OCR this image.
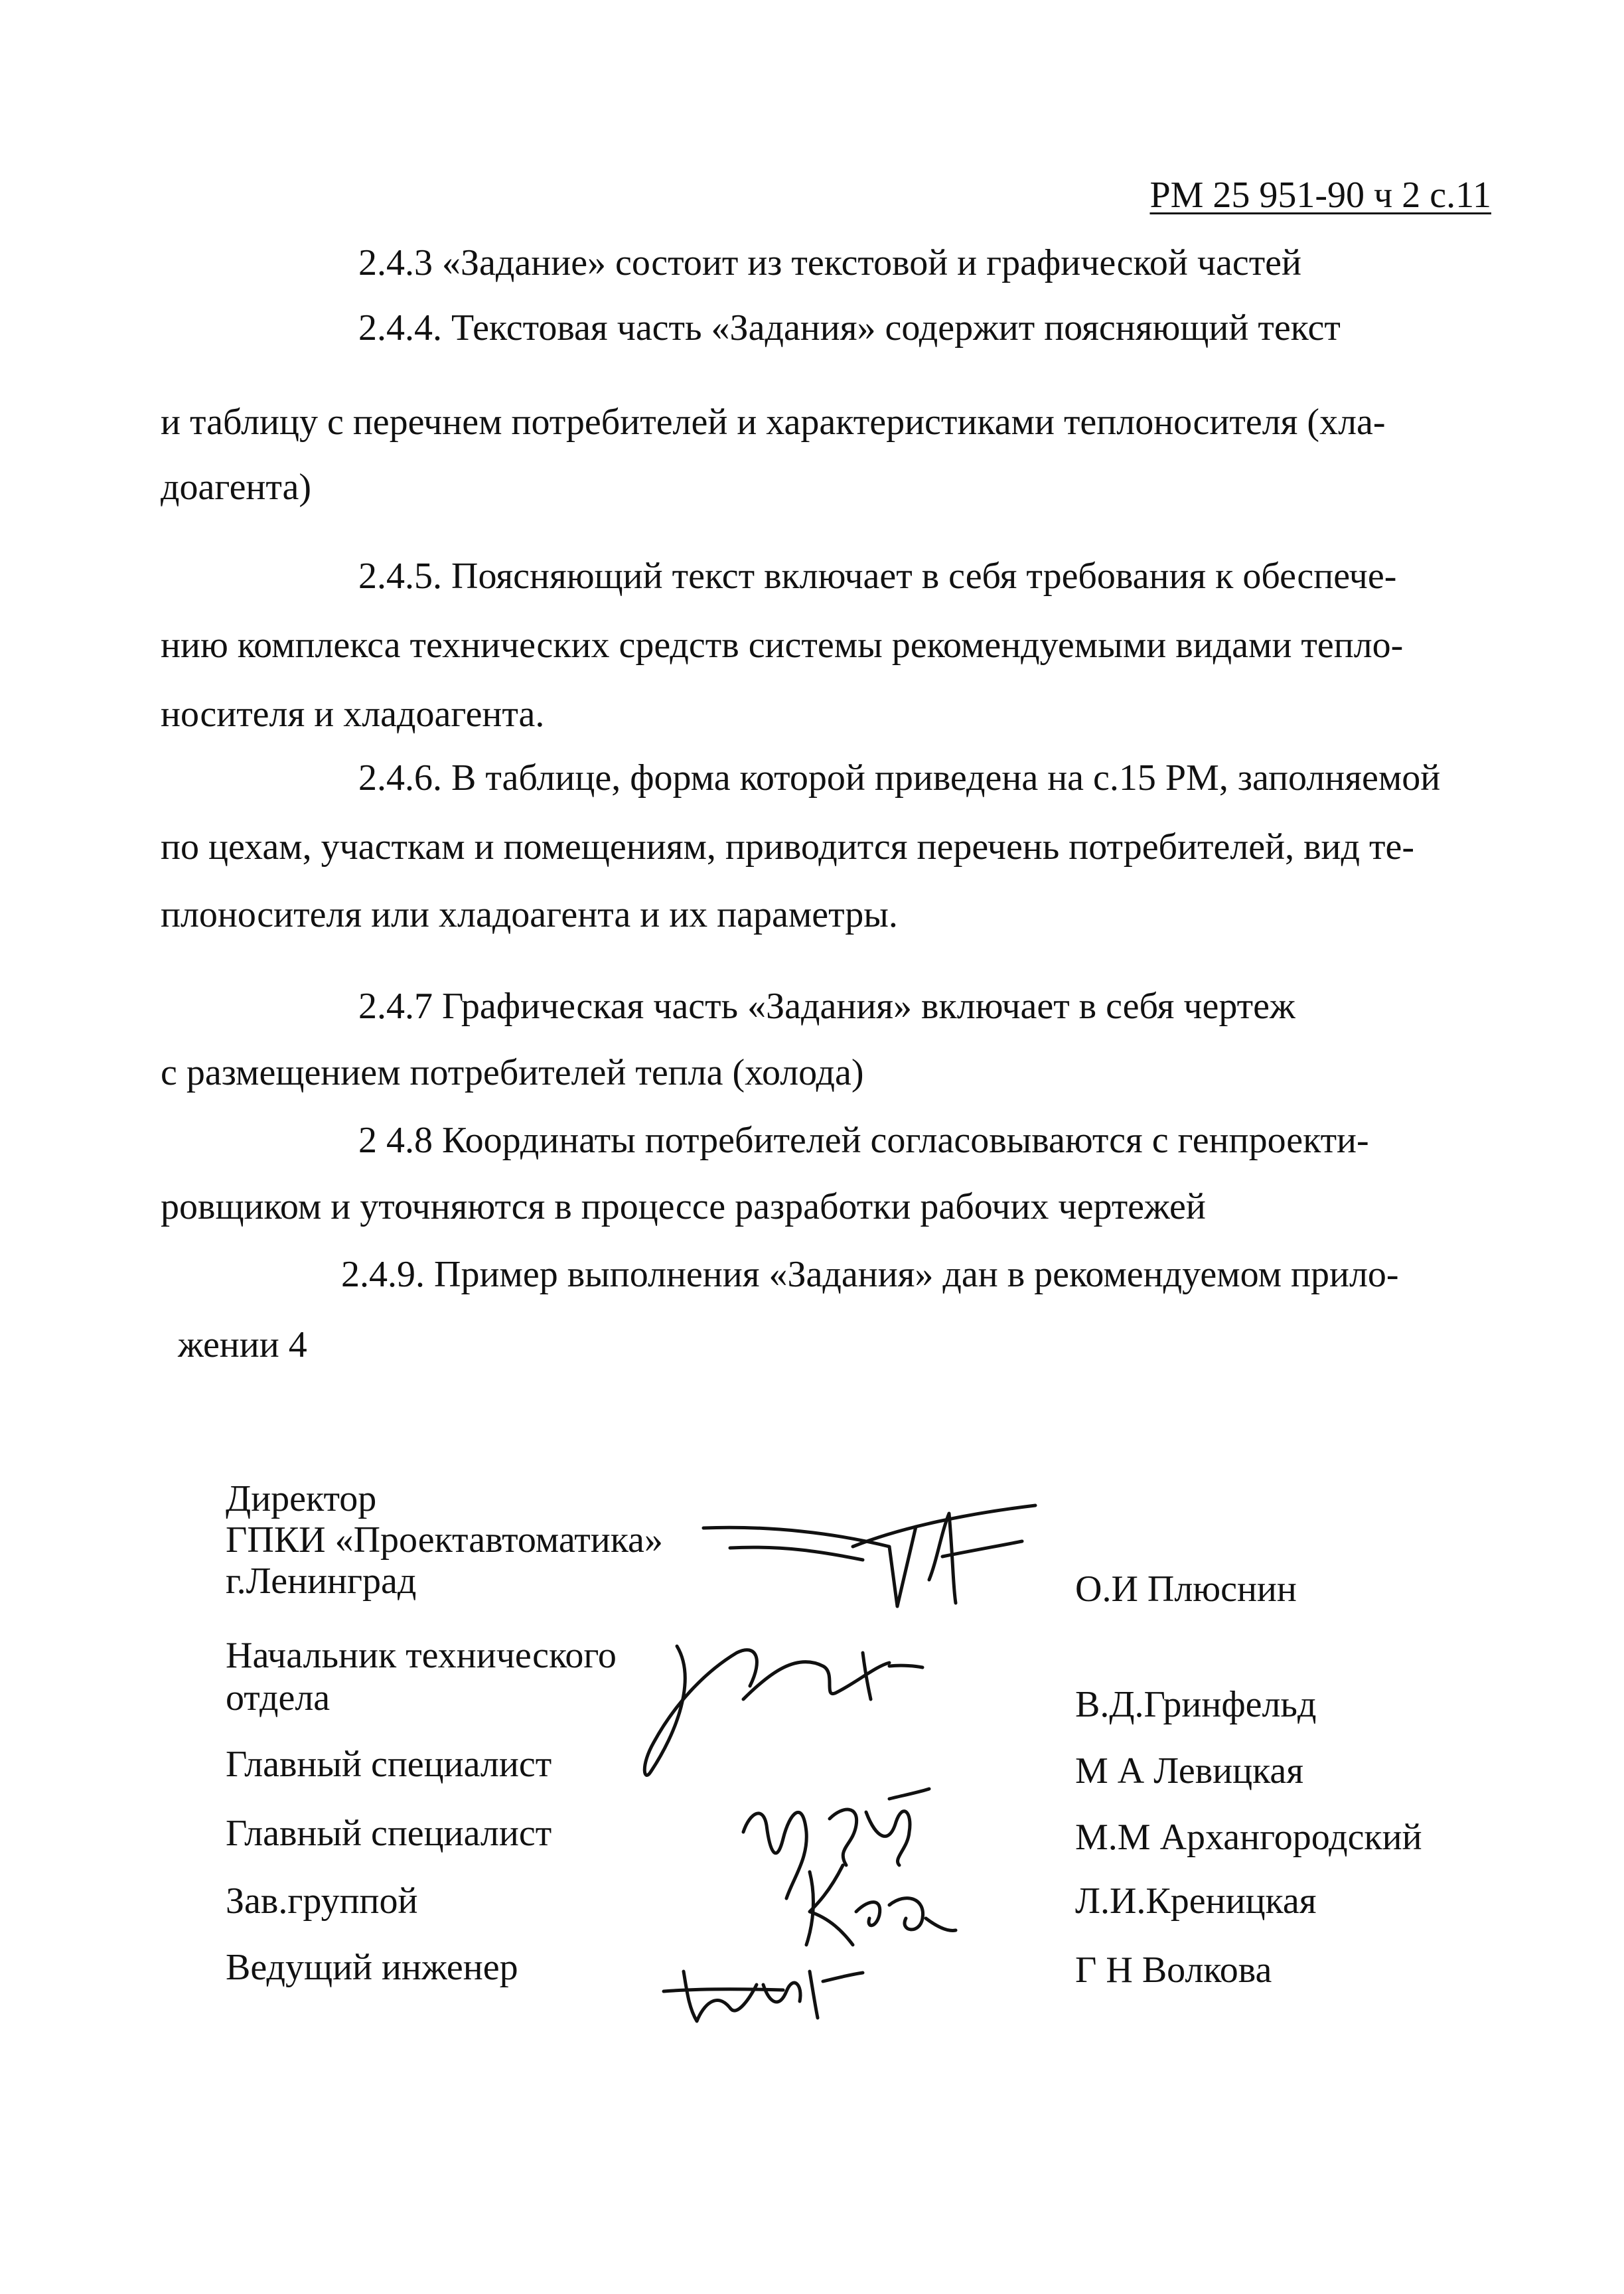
РМ 25 951-90 ч 2 с.11
2.4.3 «Задание» состоит из текстовой и графической частей
2.4.4. Текстовая часть «Задания» содержит поясняющий текст
и таблицу с перечнем потребителей и характеристиками теплоносителя (хла-
доагента)
2.4.5. Поясняющий текст включает в себя требования к обеспече-
нию комплекса технических средств системы рекомендуемыми видами тепло-
носителя и хладоагента.
2.4.6. В таблице, форма которой приведена на с.15 РМ, заполняемой
по цехам, участкам и помещениям, приводится перечень потребителей, вид те-
плоносителя или хладоагента и их параметры.
2.4.7 Графическая часть «Задания» включает в себя чертеж
с размещением потребителей тепла (холода)
2 4.8 Координаты потребителей согласовываются с генпроекти-
ровщиком и уточняются в процессе разработки рабочих чертежей
2.4.9. Пример выполнения «Задания» дан в рекомендуемом прило-
жении 4
Директор
ГПКИ «Проектавтоматика»
г.Ленинград	О.И Плюснин
Начальник технического
отдела	В.Д.Гринфельд
Главный специалист	М А Левицкая
Главный специалист	М.М Архангородский
Зав.группой	Л.И.Креницкая
Ведущий инженер	Г Н Волкова
